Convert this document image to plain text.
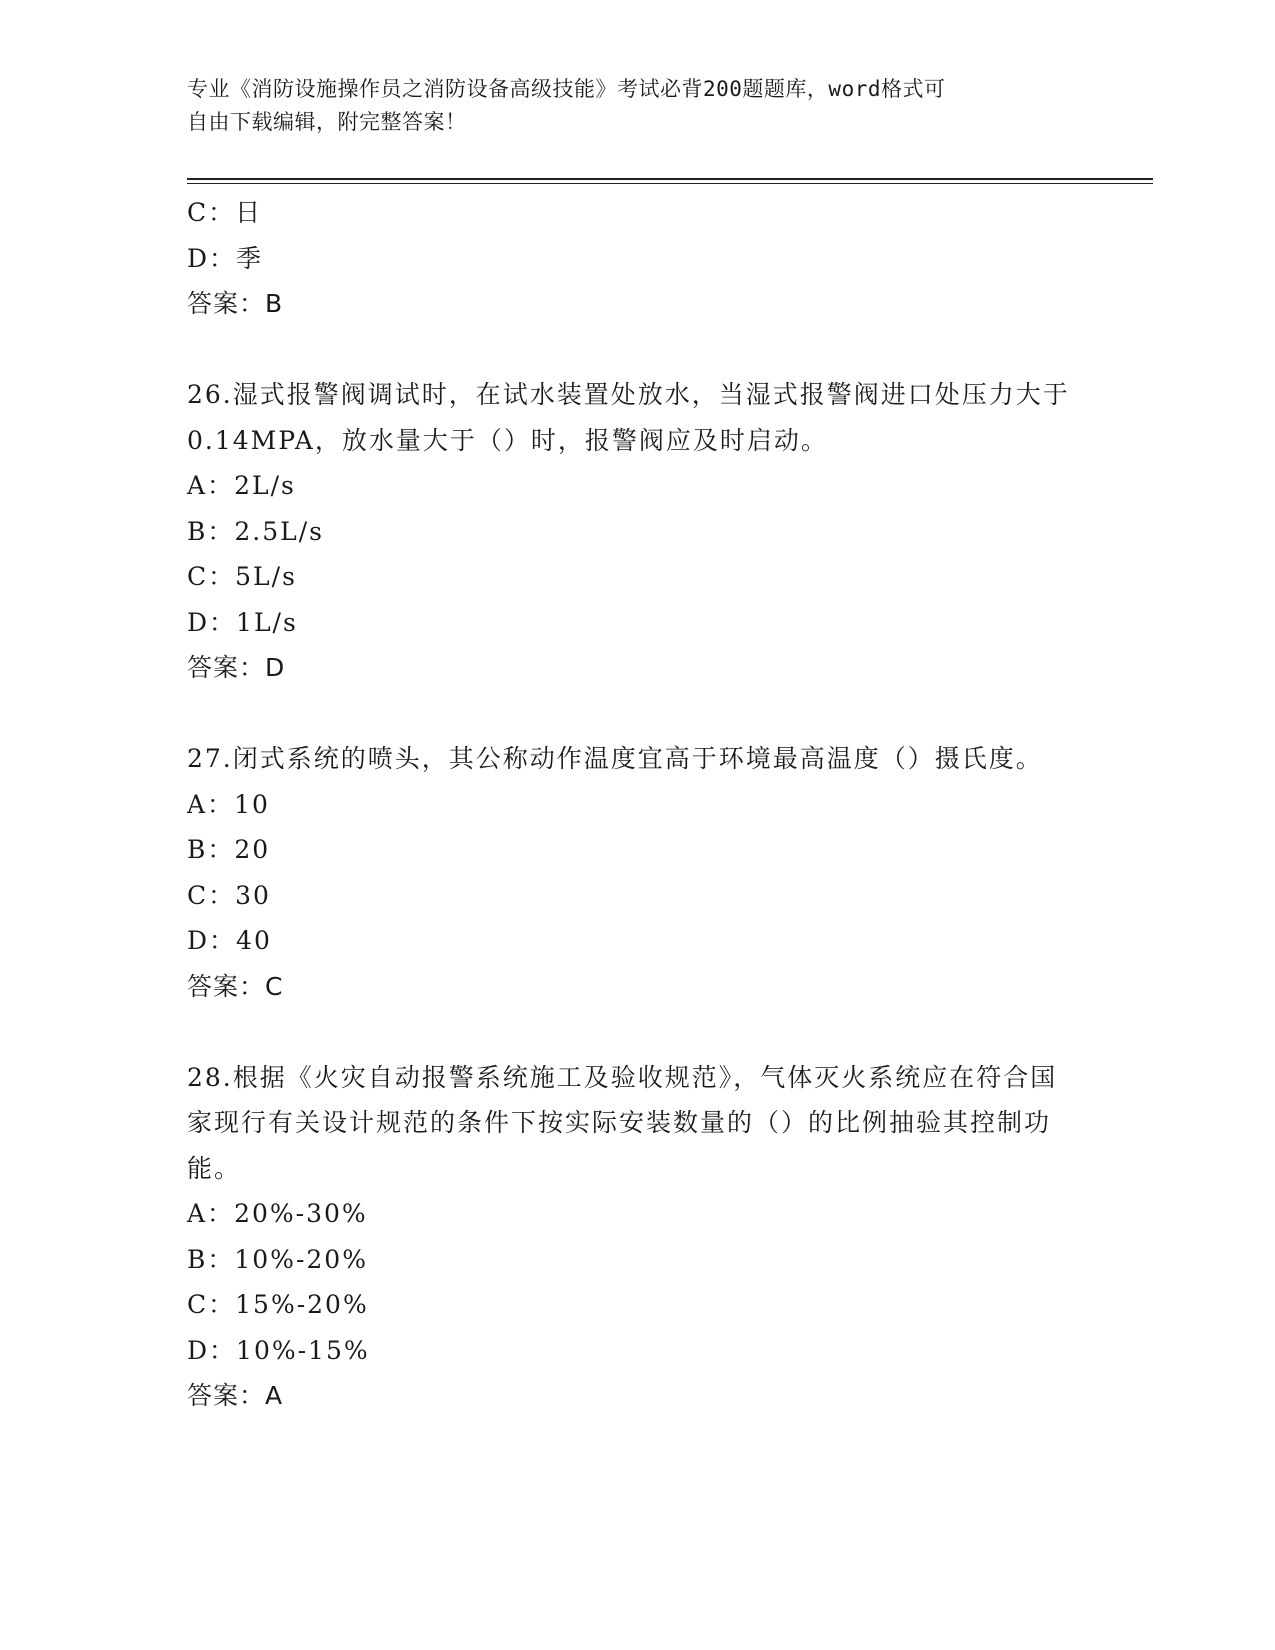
专业《消防设施操作员之消防设备高级技能》考试必背200题题库，word格式可
自由下载编辑，附完整答案！
C：日
D：季
答案：B
26.湿式报警阀调试时，在试水装置处放水，当湿式报警阀进口处压力大于0.14MPA，放水量大于（）时，报警阀应及时启动。
A：2L/s
B：2.5L/s
C：5L/s
D：1L/s
答案：D
27.闭式系统的喷头，其公称动作温度宜高于环境最高温度（）摄氏度。
A：10
B：20
C：30
D：40
答案：C
28.根据《火灾自动报警系统施工及验收规范》，气体灭火系统应在符合国家现行有关设计规范的条件下按实际安装数量的（）的比例抽验其控制功能。
A：20%-30%
B：10%-20%
C：15%-20%
D：10%-15%
答案：A
